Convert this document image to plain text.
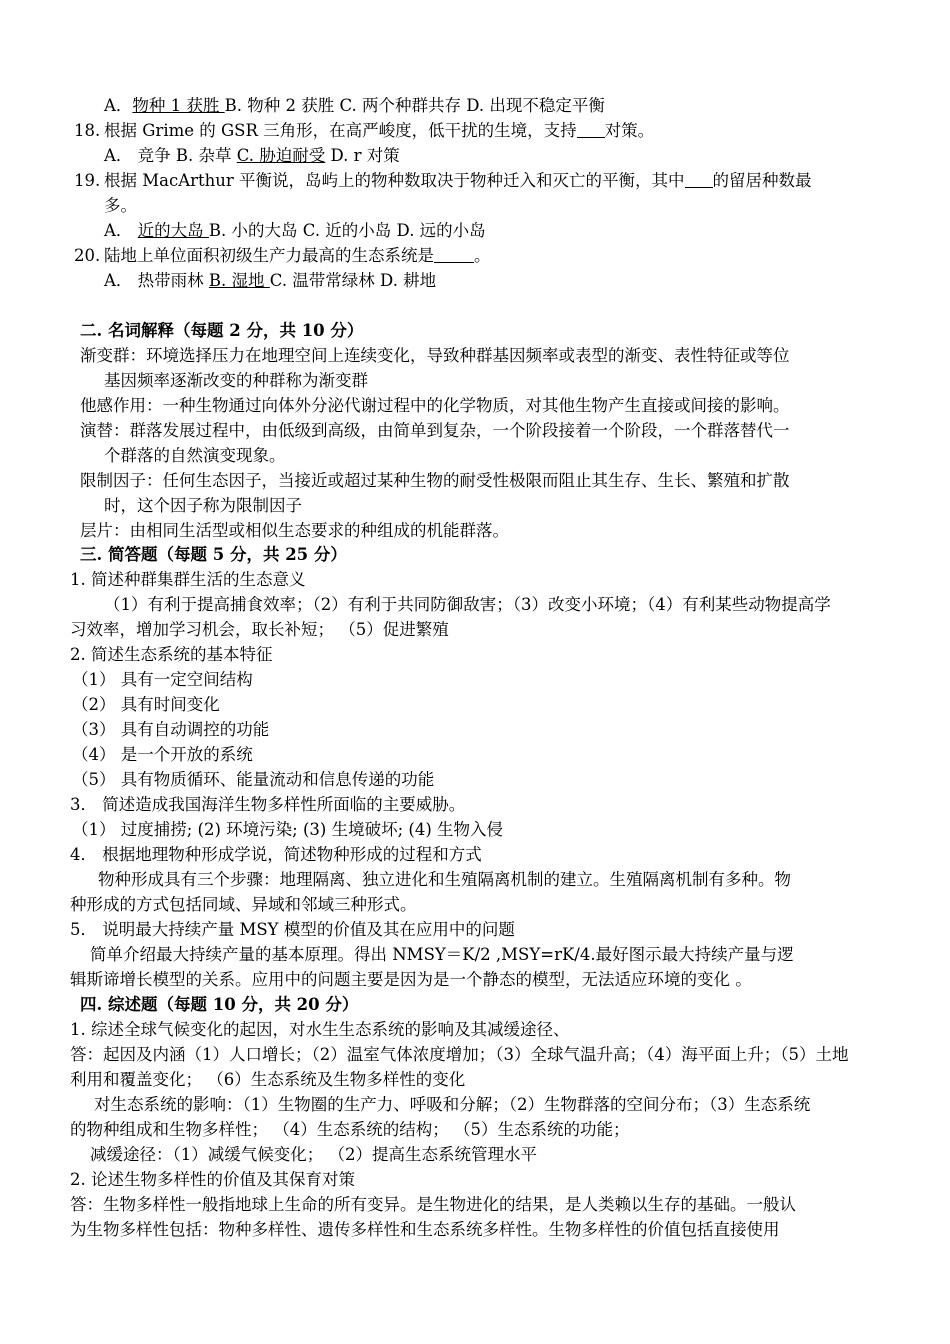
A．物种 1 获胜 B. 物种 2 获胜 C. 两个种群共存 D. 出现不稳定平衡
18. 根据 Grime 的 GSR 三角形，在高严峻度，低干扰的生境，支持 对策。
A． 竞争 B. 杂草 C. 胁迫耐受 D. r 对策
19. 根据 MacArthur 平衡说，岛屿上的物种数取决于物种迁入和灭亡的平衡，其中 的留居种数最
多。
A． 近的大岛 B. 小的大岛 C. 近的小岛 D. 远的小岛
20. 陆地上单位面积初级生产力最高的生态系统是 。
A． 热带雨林 B. 湿地 C. 温带常绿林 D. 耕地
二. 名词解释（每题 2 分，共 10 分）
渐变群：环境选择压力在地理空间上连续变化，导致种群基因频率或表型的渐变、表性特征或等位
基因频率逐渐改变的种群称为渐变群
他感作用：一种生物通过向体外分泌代谢过程中的化学物质，对其他生物产生直接或间接的影响。
演替：群落发展过程中，由低级到高级，由简单到复杂，一个阶段接着一个阶段，一个群落替代一
个群落的自然演变现象。
限制因子：任何生态因子，当接近或超过某种生物的耐受性极限而阻止其生存、生长、繁殖和扩散
时，这个因子称为限制因子
层片：由相同生活型或相似生态要求的种组成的机能群落。
三. 简答题（每题 5 分，共 25 分）
1. 简述种群集群生活的生态意义
（1）有利于提高捕食效率；（2）有利于共同防御敌害；（3）改变小环境；（4）有利某些动物提高学
习效率，增加学习机会，取长补短； （5）促进繁殖
2. 简述生态系统的基本特征
（1） 具有一定空间结构
（2） 具有时间变化
（3） 具有自动调控的功能
（4） 是一个开放的系统
（5） 具有物质循环、能量流动和信息传递的功能
3． 简述造成我国海洋生物多样性所面临的主要威胁。
（1） 过度捕捞; (2) 环境污染; (3) 生境破坏; (4) 生物入侵
4． 根据地理物种形成学说，简述物种形成的过程和方式
物种形成具有三个步骤：地理隔离、独立进化和生殖隔离机制的建立。生殖隔离机制有多种。物
种形成的方式包括同域、异域和邻域三种形式。
5． 说明最大持续产量 MSY 模型的价值及其在应用中的问题
简单介绍最大持续产量的基本原理。得出 NMSY＝K/2 ,MSY=rK/4.最好图示最大持续产量与逻
辑斯谛增长模型的关系。应用中的问题主要是因为是一个静态的模型，无法适应环境的变化 。
四. 综述题（每题 10 分，共 20 分）
1. 综述全球气候变化的起因，对水生生态系统的影响及其减缓途径、
答：起因及内涵（1）人口增长；（2）温室气体浓度增加；（3）全球气温升高；（4）海平面上升；（5）土地
利用和覆盖变化； （6）生态系统及生物多样性的变化
对生态系统的影响：（1）生物圈的生产力、呼吸和分解；（2）生物群落的空间分布；（3）生态系统
的物种组成和生物多样性； （4）生态系统的结构； （5）生态系统的功能；
减缓途径：（1）减缓气候变化； （2）提高生态系统管理水平
2. 论述生物多样性的价值及其保育对策
答：生物多样性一般指地球上生命的所有变异。是生物进化的结果，是人类赖以生存的基础。一般认
为生物多样性包括：物种多样性、遗传多样性和生态系统多样性。生物多样性的价值包括直接使用
